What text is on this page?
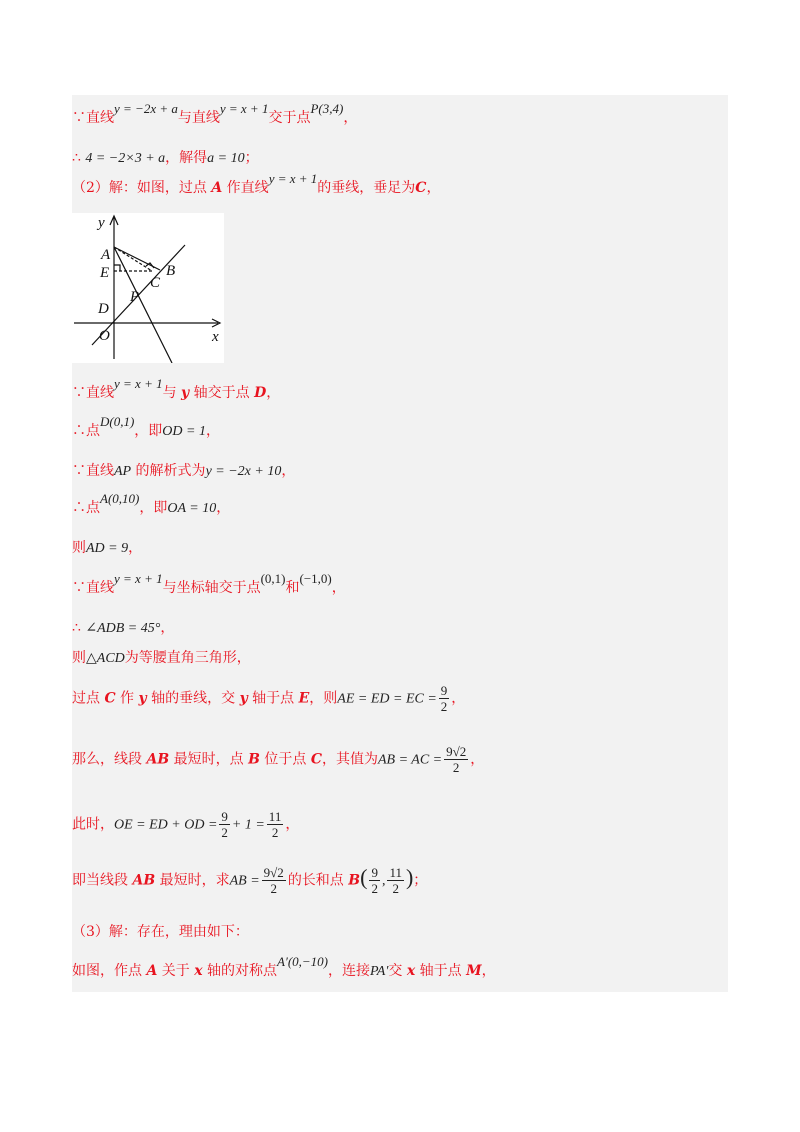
∵直线y = −2x + a与直线y = x + 1交于点P(3,4)，
∴ 4 = −2×3 + a，解得a = 10；
（2）解：如图，过点 A 作直线y = x + 1的垂线，垂足为C，
y
x
A
B
C
D
E
O
P
∵直线y = x + 1与 y 轴交于点 D，
∴点D(0,1)，即OD = 1，
∵直线AP 的解析式为y = −2x + 10，
∴点A(0,10)，即OA = 10，
则AD = 9，
∵直线y = x + 1与坐标轴交于点(0,1)和(−1,0)，
∴ ∠ADB = 45°，
则△ACD为等腰直角三角形，
过点 C 作 y 轴的垂线，交 y 轴于点 E，则AE = ED = EC = $\frac{9}{2}$ ，
那么，线段 AB 最短时，点 B 位于点 C，其值为AB = AC = $\frac{9√2}{2}$ ，
此时，OE = ED + OD = $\frac{9}{2} + 1 = \frac{11}{2}$ ，
即当线段 AB 最短时，求AB = $\frac{9√2}{2}$ 的长和点 $B( \frac{9}{2}$ , $\frac{11}{2}$ )；
（3）解：存在，理由如下：
如图，作点 A 关于 x 轴的对称点A′(0,−10)，连接PA′交 x 轴于点 M，
